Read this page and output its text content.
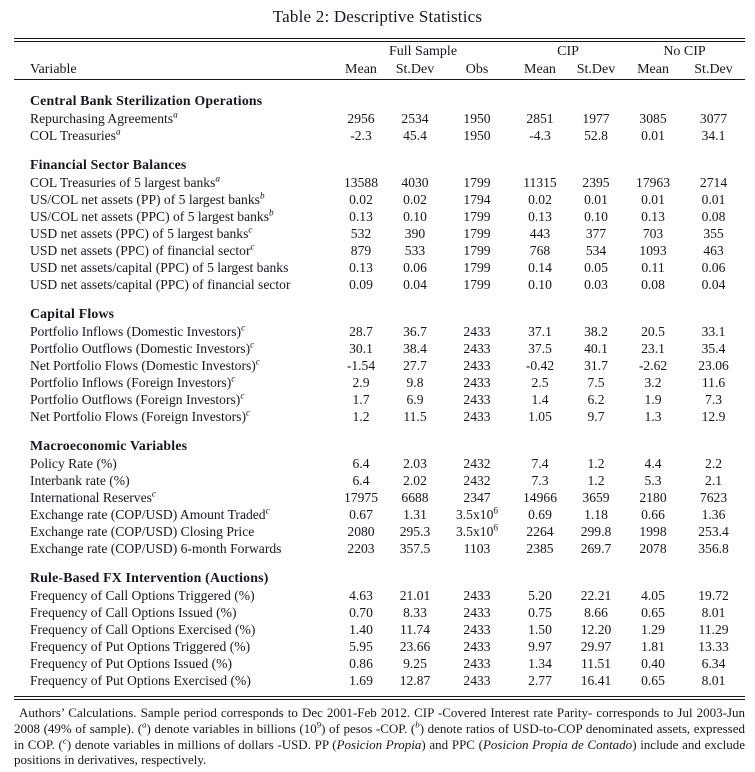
Table 2: Descriptive Statistics
	Full Sample			CIP		No CIP	
Variable	Mean	St.Dev	Obs	Mean	St.Dev	Mean	St.Dev
Central Bank Sterilization Operations							
Repurchasing Agreements$^a$	2956	2534	1950	2851	1977	3085	3077
COL Treasuries$^a$	-2.3	45.4	1950	-4.3	52.8	0.01	34.1
Financial Sector Balances							
COL Treasuries of 5 largest banks$^a$	13588	4030	1799	11315	2395	17963	2714
US/COL net assets (PP) of 5 largest banks$^b$	0.02	0.02	1794	0.02	0.01	0.01	0.01
US/COL net assets (PPC) of 5 largest banks$^b$	0.13	0.10	1799	0.13	0.10	0.13	0.08
USD net assets (PPC) of 5 largest banks$^c$	532	390	1799	443	377	703	355
USD net assets (PPC) of financial sector$^c$	879	533	1799	768	534	1093	463
USD net assets/capital (PPC) of 5 largest banks	0.13	0.06	1799	0.14	0.05	0.11	0.06
USD net assets/capital (PPC) of financial sector	0.09	0.04	1799	0.10	0.03	0.08	0.04
Capital Flows							
Portfolio Inflows (Domestic Investors)$^c$	28.7	36.7	2433	37.1	38.2	20.5	33.1
Portfolio Outflows (Domestic Investors)$^c$	30.1	38.4	2433	37.5	40.1	23.1	35.4
Net Portfolio Flows (Domestic Investors)$^c$	-1.54	27.7	2433	-0.42	31.7	-2.62	23.06
Portfolio Inflows (Foreign Investors)$^c$	2.9	9.8	2433	2.5	7.5	3.2	11.6
Portfolio Outflows (Foreign Investors)$^c$	1.7	6.9	2433	1.4	6.2	1.9	7.3
Net Portfolio Flows (Foreign Investors)$^c$	1.2	11.5	2433	1.05	9.7	1.3	12.9
Macroeconomic Variables							
Policy Rate (%)	6.4	2.03	2432	7.4	1.2	4.4	2.2
Interbank rate (%)	6.4	2.02	2432	7.3	1.2	5.3	2.1
International Reserves$^c$	17975	6688	2347	14966	3659	2180	7623
Exchange rate (COP/USD) Amount Traded$^c$	0.67	1.31	$3.5x10^6$	0.69	1.18	0.66	1.36
Exchange rate (COP/USD) Closing Price	2080	295.3	$3.5x10^6$	2264	299.8	1998	253.4
Exchange rate (COP/USD) 6-month Forwards	2203	357.5	1103	2385	269.7	2078	356.8
Rule-Based FX Intervention (Auctions)							
Frequency of Call Options Triggered (%)	4.63	21.01	2433	5.20	22.21	4.05	19.72
Frequency of Call Options Issued (%)	0.70	8.33	2433	0.75	8.66	0.65	8.01
Frequency of Call Options Exercised (%)	1.40	11.74	2433	1.50	12.20	1.29	11.29
Frequency of Put Options Triggered (%)	5.95	23.66	2433	9.97	29.97	1.81	13.33
Frequency of Put Options Issued (%)	0.86	9.25	2433	1.34	11.51	0.40	6.34
Frequency of Put Options Exercised (%)	1.69	12.87	2433	2.77	16.41	0.65	8.01
Authors’ Calculations. Sample period corresponds to Dec 2001-Feb 2012. CIP -Covered Interest rate Parity- corresponds to Jul 2003-Jun 2008 (49% of sample). ($^a$) denote variables in billions $(10^9)$ of pesos -COP. ($^b$) denote ratios of USD-to-COP denominated assets, expressed in COP. ($^c$) denote variables in millions of dollars -USD. PP (Posicion Propia) and PPC (Posicion Propia de Contado) include and exclude positions in derivatives, respectively.
